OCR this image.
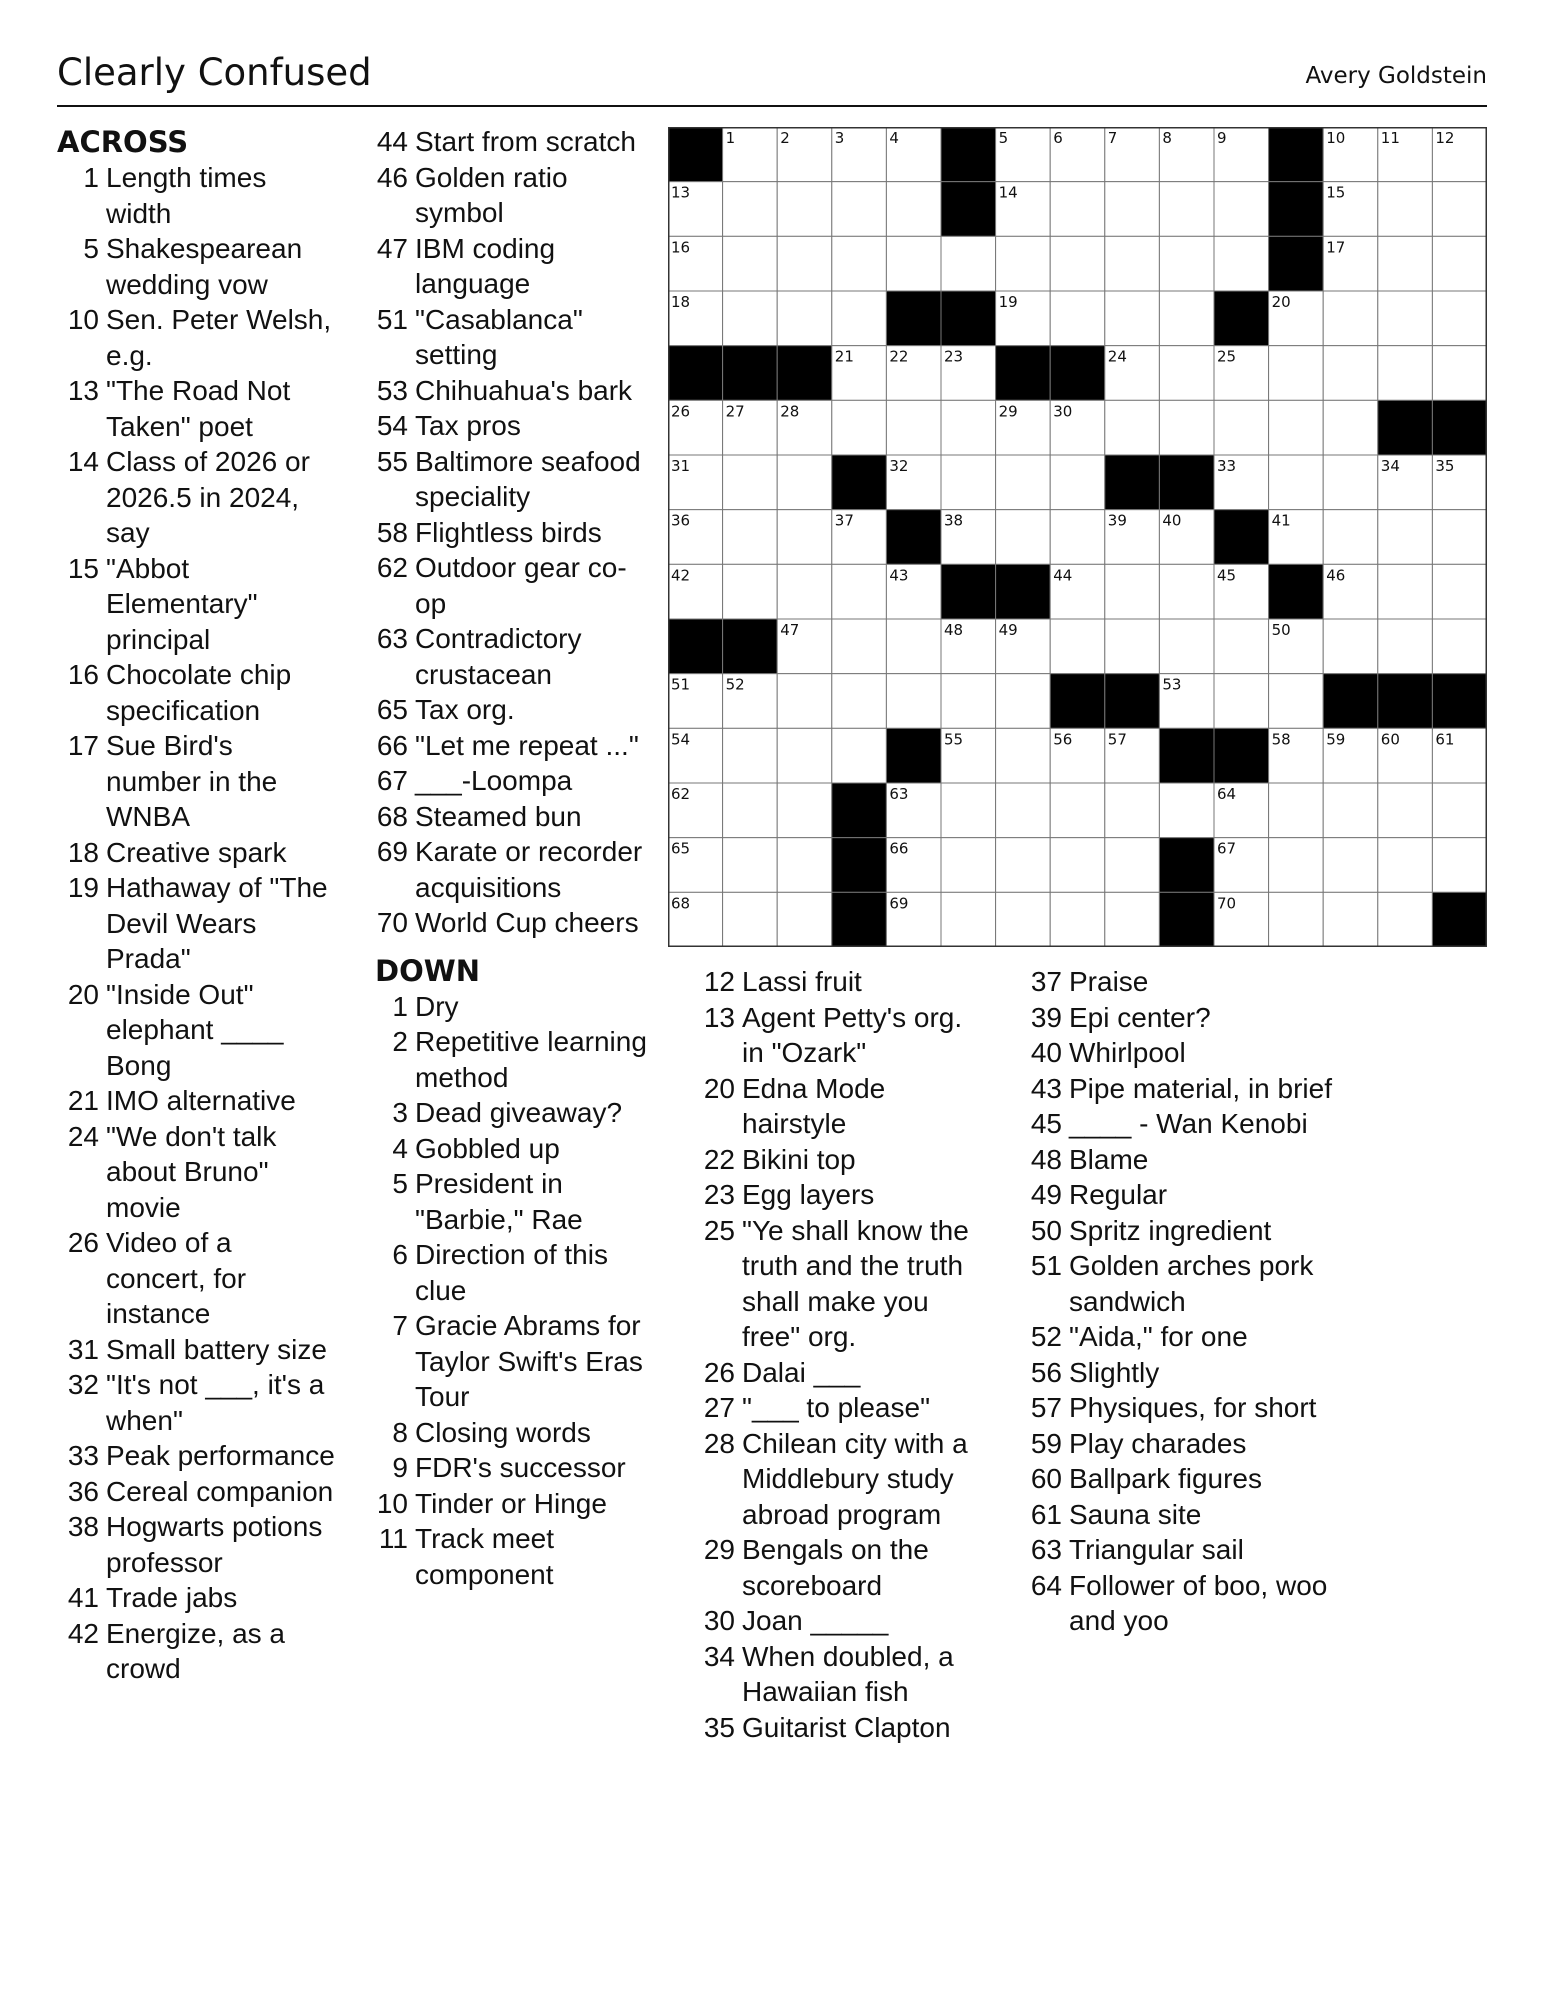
Clearly Confused	Avery Goldstein
ACROSS
1 Length times width
5 Shakespearean wedding vow
10 Sen. Peter Welsh, e.g.
13 "The Road Not Taken" poet
14 Class of 2026 or 2026.5 in 2024, say
15 "Abbot Elementary" principal
16 Chocolate chip specification
17 Sue Bird's number in the WNBA
18 Creative spark
19 Hathaway of "The Devil Wears Prada"
20 "Inside Out" elephant ____ Bong
21 IMO alternative
24 "We don't talk about Bruno" movie
26 Video of a concert, for instance
31 Small battery size
32 "It's not ___, it's a when"
33 Peak performance
36 Cereal companion
38 Hogwarts potions professor
41 Trade jabs
42 Energize, as a crowd
44 Start from scratch
46 Golden ratio symbol
47 IBM coding language
51 "Casablanca" setting
53 Chihuahua's bark
54 Tax pros
55 Baltimore seafood speciality
58 Flightless birds
62 Outdoor gear co-op
63 Contradictory crustacean
65 Tax org.
66 "Let me repeat ..."
67 ___-Loompa
68 Steamed bun
69 Karate or recorder acquisitions
70 World Cup cheers
DOWN
1 Dry
2 Repetitive learning method
3 Dead giveaway?
4 Gobbled up
5 President in "Barbie," Rae
6 Direction of this clue
7 Gracie Abrams for Taylor Swift's Eras Tour
8 Closing words
9 FDR's successor
10 Tinder or Hinge
11 Track meet component
12 Lassi fruit
13 Agent Petty's org. in "Ozark"
20 Edna Mode hairstyle
22 Bikini top
23 Egg layers
25 "Ye shall know the truth and the truth shall make you free" org.
26 Dalai ___
27 "___ to please"
28 Chilean city with a Middlebury study abroad program
29 Bengals on the scoreboard
30 Joan _____
34 When doubled, a Hawaiian fish
35 Guitarist Clapton
37 Praise
39 Epi center?
40 Whirlpool
43 Pipe material, in brief
45 ____ - Wan Kenobi
48 Blame
49 Regular
50 Spritz ingredient
51 Golden arches pork sandwich
52 "Aida," for one
56 Slightly
57 Physiques, for short
59 Play charades
60 Ballpark figures
61 Sauna site
63 Triangular sail
64 Follower of boo, woo and yoo
1	2	3	4	5	6	7	8	9	10 11 12
13	14	15
16	17
18	19	20
21 22 23	24	25
26 27 28	29 30
31	32	33	34 35
36	37	38	39 40	41
42	43	44	45	46
47	48 49	50
51 52	53
54	55	56 57	58 59 60 61
62	63	64
65	66	67
68	69	70
